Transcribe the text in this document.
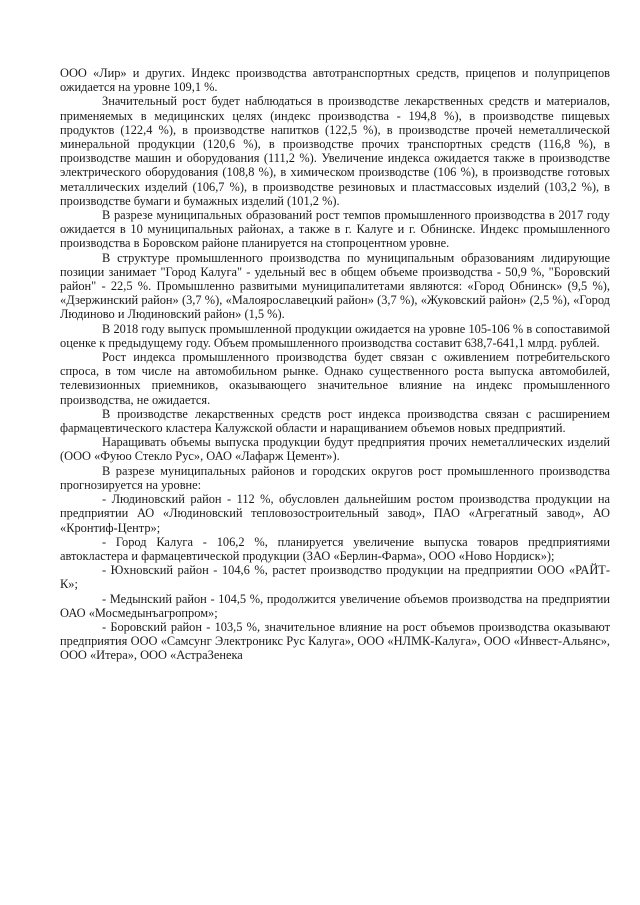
ООО «Лир» и других. Индекс производства автотранспортных средств, прицепов и полуприцепов ожидается на уровне 109,1 %.

Значительный рост будет наблюдаться в производстве лекарственных средств и материалов, применяемых в медицинских целях (индекс производства - 194,8 %), в производстве пищевых продуктов (122,4 %), в производстве напитков (122,5 %), в производстве прочей неметаллической минеральной продукции (120,6 %), в производстве прочих транспортных средств (116,8 %), в производстве машин и оборудования (111,2 %). Увеличение индекса ожидается также в производстве электрического оборудования (108,8 %), в химическом производстве (106 %), в производстве готовых металлических изделий (106,7 %), в производстве резиновых и пластмассовых изделий (103,2 %), в производстве бумаги и бумажных изделий (101,2 %).

В разрезе муниципальных образований рост темпов промышленного производства в 2017 году ожидается в 10 муниципальных районах, а также в г. Калуге и г. Обнинске. Индекс промышленного производства в Боровском районе планируется на стопроцентном уровне.

В структуре промышленного производства по муниципальным образованиям лидирующие позиции занимает "Город Калуга" - удельный вес в общем объеме производства - 50,9 %, "Боровский район" - 22,5 %. Промышленно развитыми муниципалитетами являются: «Город Обнинск» (9,5 %), «Дзержинский район» (3,7 %), «Малоярославецкий район» (3,7 %), «Жуковский район» (2,5 %), «Город Людиново и Людиновский район» (1,5 %).

В 2018 году выпуск промышленной продукции ожидается на уровне 105-106 % в сопоставимой оценке к предыдущему году. Объем промышленного производства составит 638,7-641,1 млрд. рублей.

Рост индекса промышленного производства будет связан с оживлением потребительского спроса, в том числе на автомобильном рынке. Однако существенного роста выпуска автомобилей, телевизионных приемников, оказывающего значительное влияние на индекс промышленного производства, не ожидается.

В производстве лекарственных средств рост индекса производства связан с расширением фармацевтического кластера Калужской области и наращиванием объемов новых предприятий.

Наращивать объемы выпуска продукции будут предприятия прочих неметаллических изделий (ООО «Фуюо Стекло Рус», ОАО «Лафарж Цемент»).

В разрезе муниципальных районов и городских округов рост промышленного производства прогнозируется на уровне:

- Людиновский район - 112 %, обусловлен дальнейшим ростом производства продукции на предприятии АО «Людиновский тепловозостроительный завод», ПАО «Агрегатный завод», АО «Кронтиф-Центр»;

- Город Калуга - 106,2 %, планируется увеличение выпуска товаров предприятиями автокластера и фармацевтической продукции (ЗАО «Берлин-Фарма», ООО «Ново Нордиск»);

- Юхновский район - 104,6 %, растет производство продукции на предприятии ООО «РАЙТ-К»;

- Медынский район - 104,5 %, продолжится увеличение объемов производства на предприятии ОАО «Мосмедынъагропром»;

- Боровский район - 103,5 %, значительное влияние на рост объемов производства оказывают предприятия ООО «Самсунг Электроникс Рус Калуга», ООО «НЛМК-Калуга», ООО «Инвест-Альянс», ООО «Итера», ООО «АстраЗенека
